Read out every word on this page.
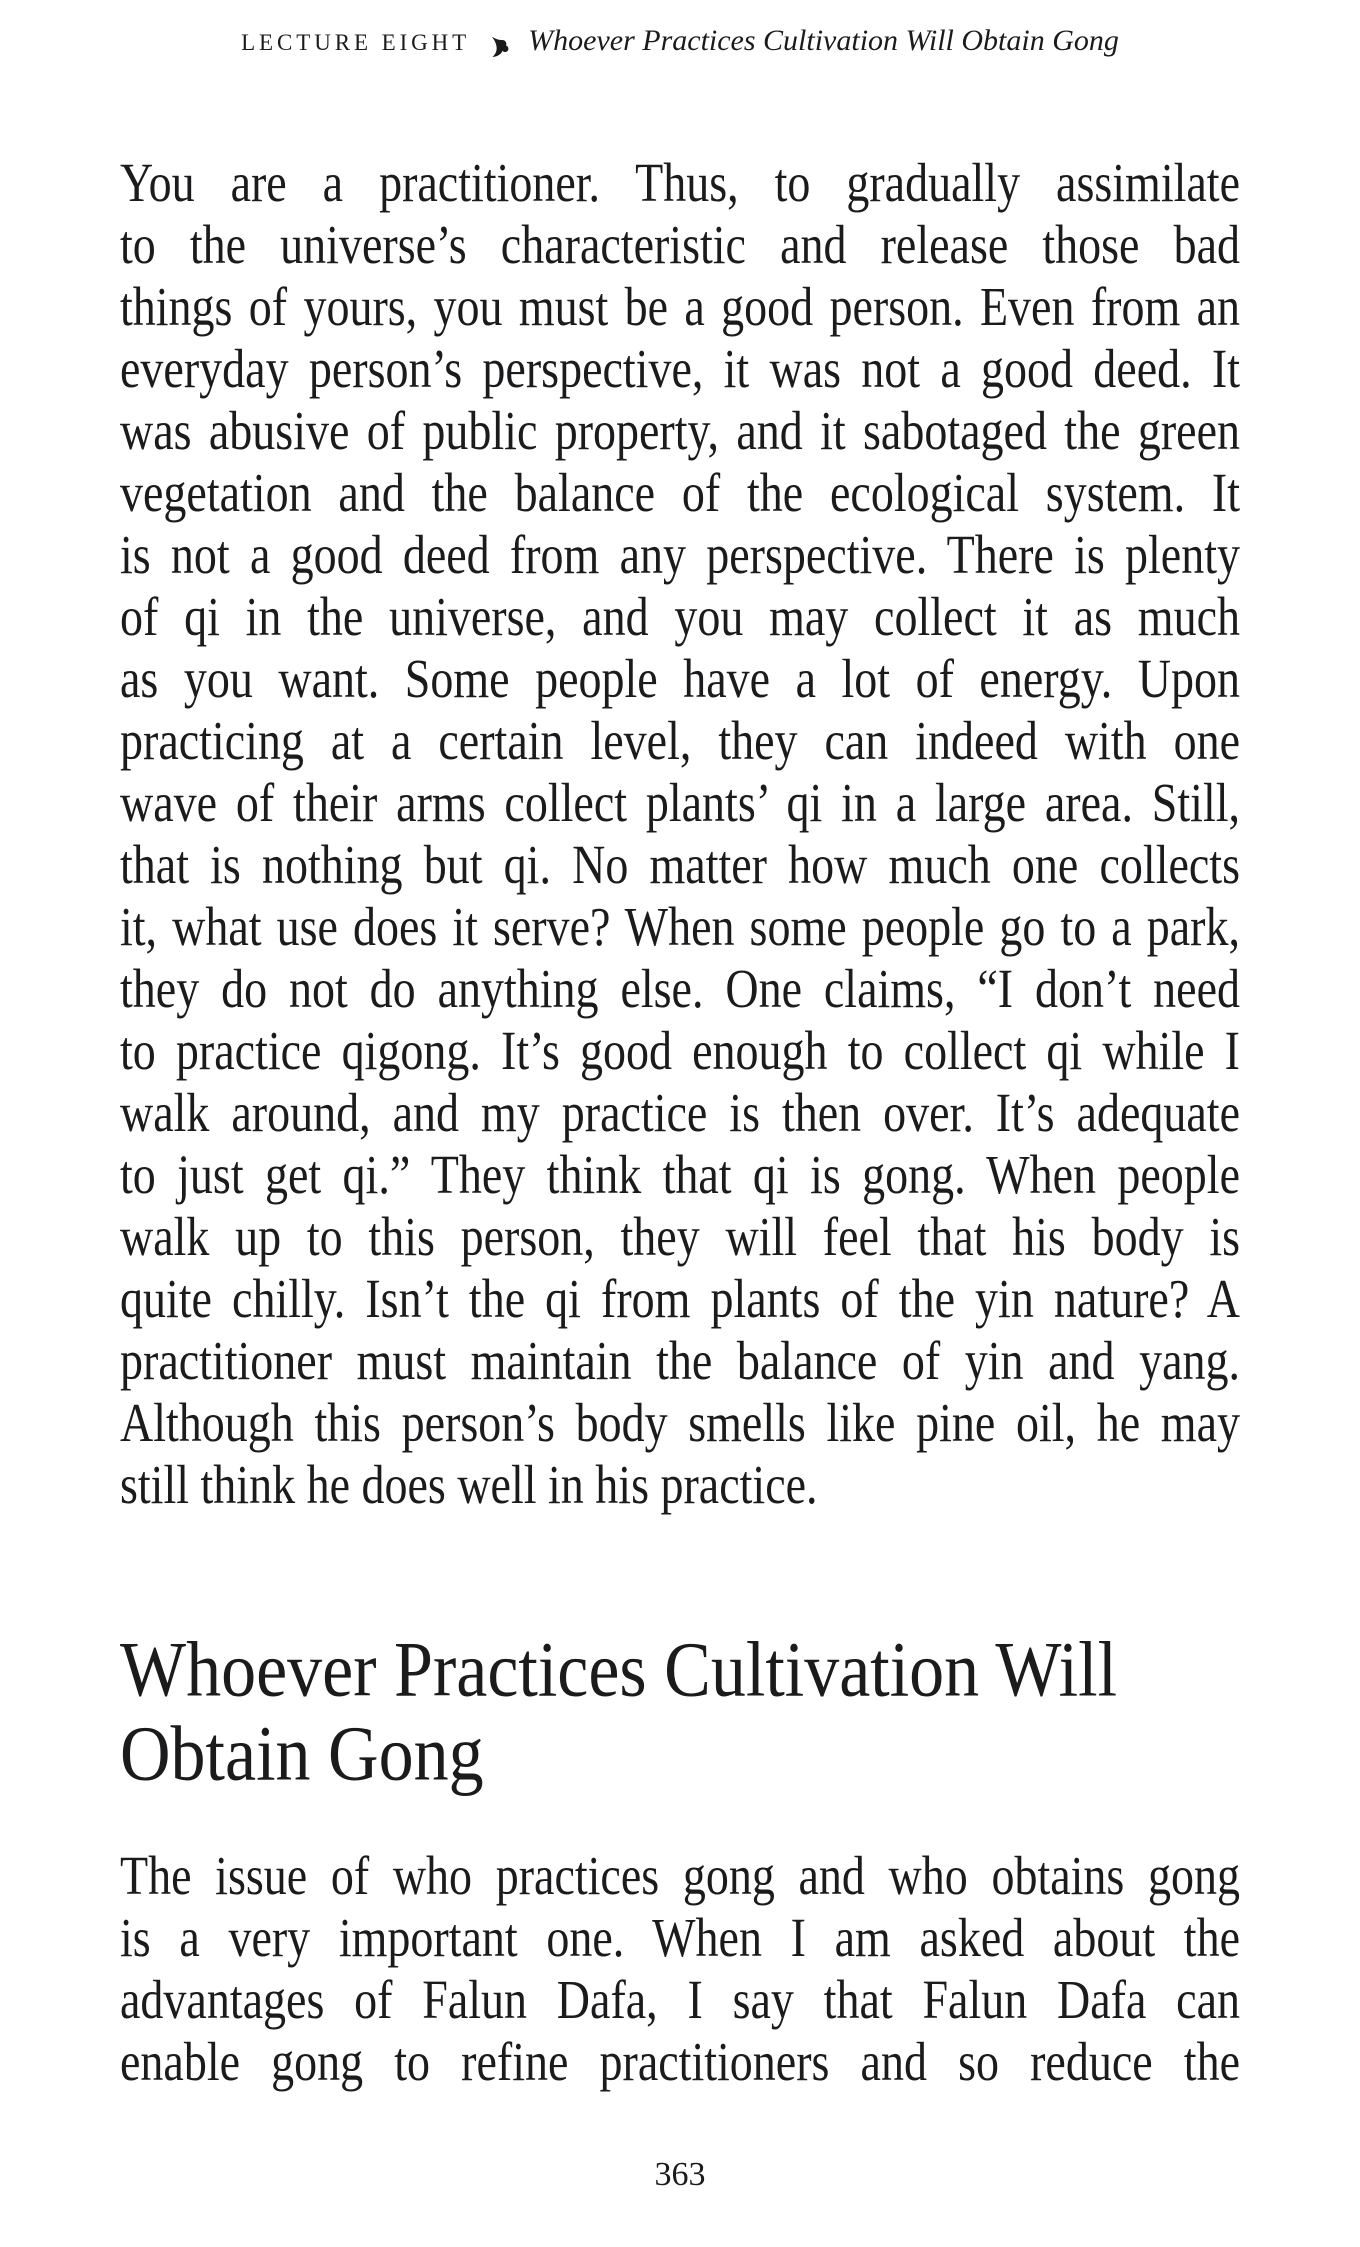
LECTURE EIGHT Whoever Practices Cultivation Will Obtain Gong
You are a practitioner. Thus, to gradually assimilate
to the universe’s characteristic and release those bad
things of yours, you must be a good person. Even from an
everyday person’s perspective, it was not a good deed. It
was abusive of public property, and it sabotaged the green
vegetation and the balance of the ecological system. It
is not a good deed from any perspective. There is plenty
of qi in the universe, and you may collect it as much
as you want. Some people have a lot of energy. Upon
practicing at a certain level, they can indeed with one
wave of their arms collect plants’ qi in a large area. Still,
that is nothing but qi. No matter how much one collects
it, what use does it serve? When some people go to a park,
they do not do anything else. One claims, “I don’t need
to practice qigong. It’s good enough to collect qi while I
walk around, and my practice is then over. It’s adequate
to just get qi.” They think that qi is gong. When people
walk up to this person, they will feel that his body is
quite chilly. Isn’t the qi from plants of the yin nature? A
practitioner must maintain the balance of yin and yang.
Although this person’s body smells like pine oil, he may
still think he does well in his practice.
Whoever Practices Cultivation Will
Obtain Gong
The issue of who practices gong and who obtains gong
is a very important one. When I am asked about the
advantages of Falun Dafa, I say that Falun Dafa can
enable gong to refine practitioners and so reduce the
363
